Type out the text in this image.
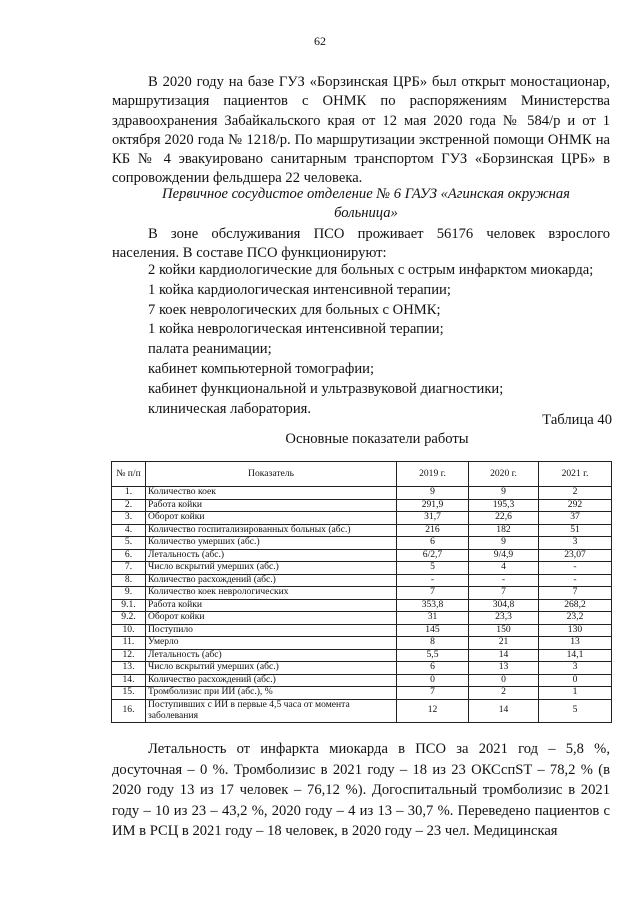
62

В 2020 году на базе ГУЗ «Борзинская ЦРБ» был открыт моностационар, маршрутизация пациентов с ОНМК по распоряжениям Министерства здравоохранения Забайкальского края от 12 мая 2020 года № 584/р и от 1 октября 2020 года № 1218/р. По маршрутизации экстренной помощи ОНМК на КБ № 4 эвакуировано санитарным транспортом ГУЗ «Борзинская ЦРБ» в сопровождении фельдшера 22 человека.

Первичное сосудистое отделение № 6 ГАУЗ «Агинская окружная больница»

В зоне обслуживания ПСО проживает 56176 человек взрослого населения. В составе ПСО функционируют:

2 койки кардиологические для больных с острым инфарктом миокарда;
1 койка кардиологическая интенсивной терапии;
7 коек неврологических для больных с ОНМК;
1 койка неврологическая интенсивной терапии;
палата реанимации;
кабинет компьютерной томографии;
кабинет функциональной и ультразвуковой диагностики;
клиническая лаборатория.

Таблица 40

Основные показатели работы

№ п/п	Показатель	2019 г.	2020 г.	2021 г.
1.	Количество коек	9	9	2
2.	Работа койки	291,9	195,3	292
3.	Оборот койки	31,7	22,6	37
4.	Количество госпитализированных больных (абс.)	216	182	51
5.	Количество умерших (абс.)	6	9	3
6.	Летальность (абс.)	6/2,7	9/4,9	23,07
7.	Число вскрытий умерших (абс.)	5	4	-
8.	Количество расхождений (абс.)	-	-	-
9.	Количество коек неврологических	7	7	7
9.1.	Работа койки	353,8	304,8	268,2
9.2.	Оборот койки	31	23,3	23,2
10.	Поступило	145	150	130
11.	Умерло	8	21	13
12.	Летальность (абс)	5,5	14	14,1
13.	Число вскрытий умерших (абс.)	6	13	3
14.	Количество расхождений (абс.)	0	0	0
15.	Тромболизис при ИИ (абс.), %	7	2	1
16.	Поступивших с ИИ в первые 4,5 часа от момента заболевания	12	14	5

Летальность от инфаркта миокарда в ПСО за 2021 год – 5,8 %, досуточная – 0 %. Тромболизис в 2021 году – 18 из 23 ОКСспST – 78,2 % (в 2020 году 13 из 17 человек – 76,12 %). Догоспитальный тромболизис в 2021 году – 10 из 23 – 43,2 %, 2020 году – 4 из 13 – 30,7 %. Переведено пациентов с ИМ в РСЦ в 2021 году – 18 человек, в 2020 году – 23 чел. Медицинская
